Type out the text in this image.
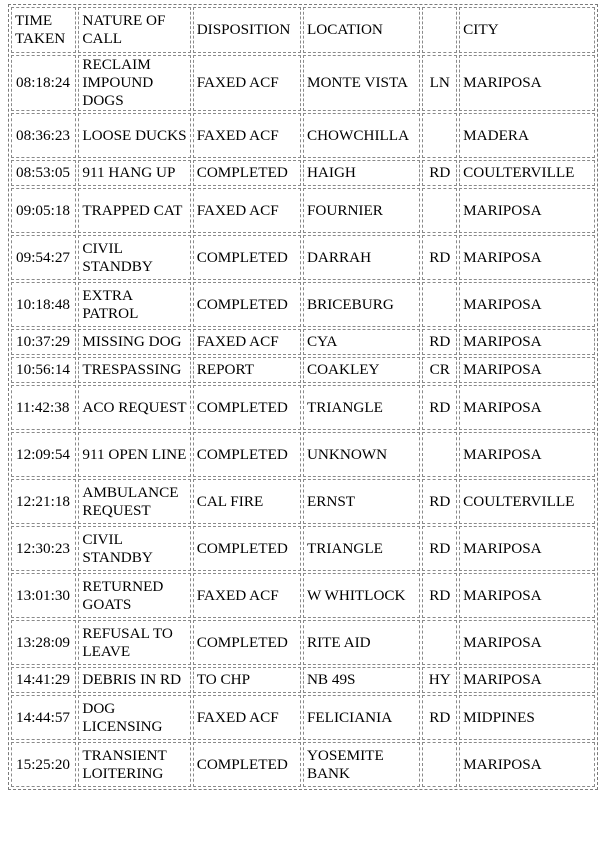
TIME TAKEN	NATURE OF CALL	DISPOSITION	LOCATION		CITY
08:18:24	RECLAIM IMPOUND DOGS	FAXED ACF	MONTE VISTA	LN	MARIPOSA
08:36:23	LOOSE DUCKS	FAXED ACF	CHOWCHILLA		MADERA
08:53:05	911 HANG UP	COMPLETED	HAIGH	RD	COULTERVILLE
09:05:18	TRAPPED CAT	FAXED ACF	FOURNIER		MARIPOSA
09:54:27	CIVIL STANDBY	COMPLETED	DARRAH	RD	MARIPOSA
10:18:48	EXTRA PATROL	COMPLETED	BRICEBURG		MARIPOSA
10:37:29	MISSING DOG	FAXED ACF	CYA	RD	MARIPOSA
10:56:14	TRESPASSING	REPORT	COAKLEY	CR	MARIPOSA
11:42:38	ACO REQUEST	COMPLETED	TRIANGLE	RD	MARIPOSA
12:09:54	911 OPEN LINE	COMPLETED	UNKNOWN		MARIPOSA
12:21:18	AMBULANCE REQUEST	CAL FIRE	ERNST	RD	COULTERVILLE
12:30:23	CIVIL STANDBY	COMPLETED	TRIANGLE	RD	MARIPOSA
13:01:30	RETURNED GOATS	FAXED ACF	W WHITLOCK	RD	MARIPOSA
13:28:09	REFUSAL TO LEAVE	COMPLETED	RITE AID		MARIPOSA
14:41:29	DEBRIS IN RD	TO CHP	NB 49S	HY	MARIPOSA
14:44:57	DOG LICENSING	FAXED ACF	FELICIANIA	RD	MIDPINES
15:25:20	TRANSIENT LOITERING	COMPLETED	YOSEMITE BANK		MARIPOSA
